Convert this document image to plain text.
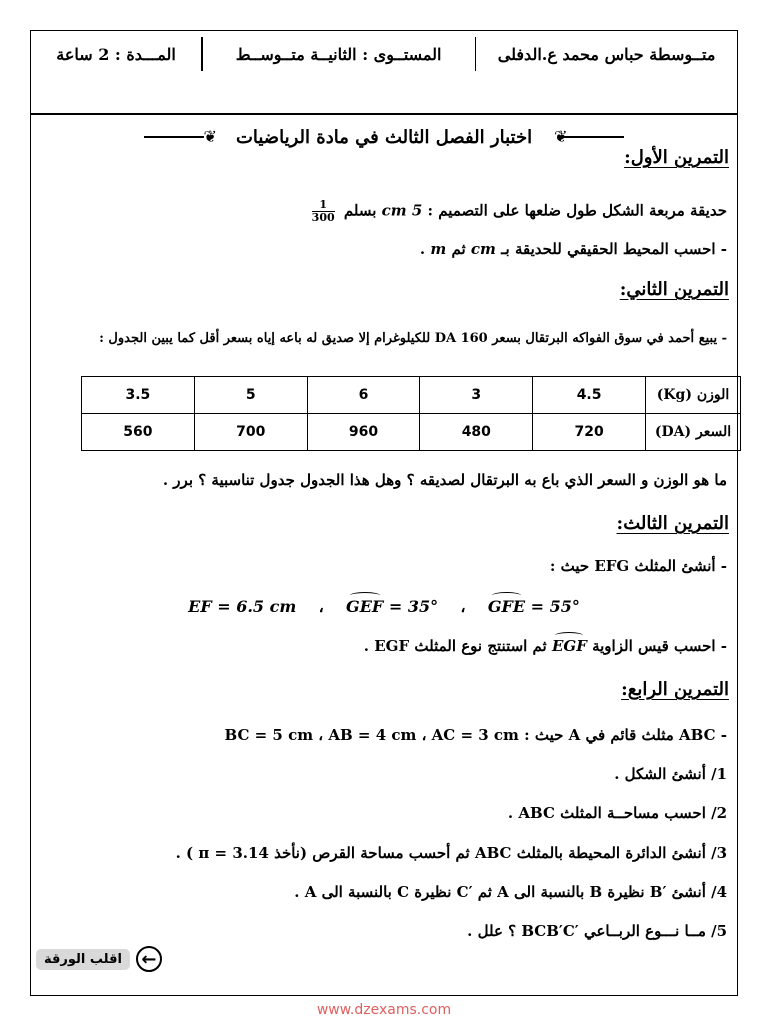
متــوسطة حباس محمد ع.الدفلى
المستــوى : الثانيــة متــوســط
المـــدة : 2 ساعة
❦
اختبار الفصل الثالث في مادة الرياضيات
❦
التمرين الأول:
حديقة مربعة الشكل طول ضلعها على التصميم : 5 cm بسلم
$\frac{1}{300}$
- احسب المحيط الحقيقي للحديقة بـ cm ثم m .
التمرين الثاني:
- يبيع أحمد في سوق الفواكه البرتقال بسعر DA 160 للكيلوغرام إلا صديق له باعه إياه بسعر أقل كما يبين الجدول :
الوزن (Kg)	4.5	3	6	5	3.5
السعر (DA)	720	480	960	700	560
ما هو الوزن و السعر الذي باع به البرتقال لصديقه ؟ وهل هذا الجدول جدول تناسبية ؟ برر .
التمرين الثالث:
- أنشئ المثلث EFG حيث :
EF = 6.5 cm ، GEF = 35° ، GFE = 55°
- احسب قيس الزاوية EGF ثم استنتج نوع المثلث EGF .
التمرين الرابع:
- ABC مثلث قائم في A حيث : BC = 5 cm ، AB = 4 cm ، AC = 3 cm
1/ أنشئ الشكل .
2/ احسب مساحــة المثلث ABC .
3/ أنشئ الدائرة المحيطة بالمثلث ABC ثم أحسب مساحة القرص (نأخذ π = 3.14 ) .
4/ أنشئ ′B نظيرة B بالنسبة الى A ثم ′C نظيرة C بالنسبة الى A .
5/ مــا نـــوع الربــاعي ′BCB′C ؟ علل .
اقلب الورقة	←
www.dzexams.com
